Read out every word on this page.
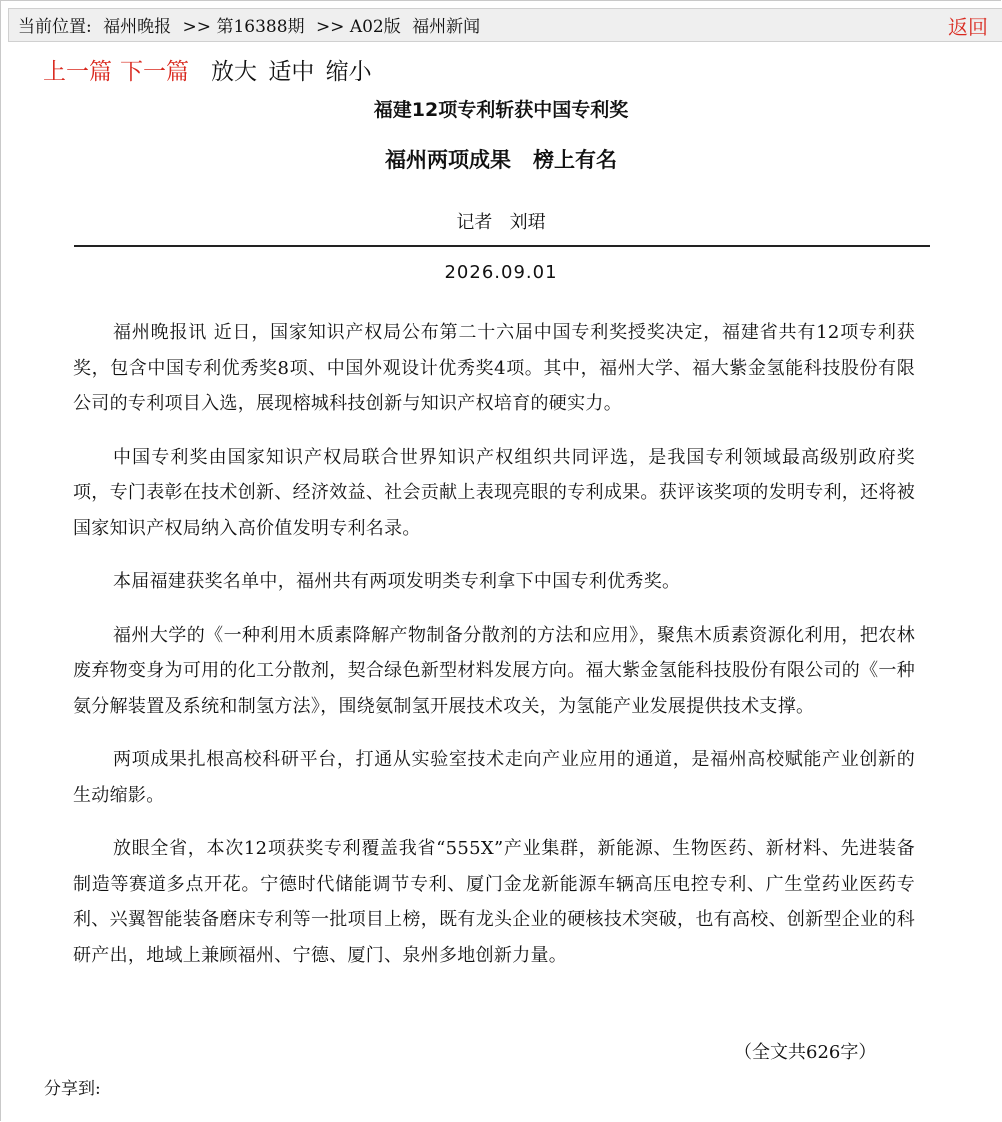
当前位置: 福州晚报 >> 第16388期 >> A02版 福州新闻	返回
上一篇 下一篇 放大 适中 缩小
福建12项专利斩获中国专利奖
福州两项成果   榜上有名
记者   刘珺
2026.09.01

福州晚报讯 近日，国家知识产权局公布第二十六届中国专利奖授奖决定，福建省共有12项专利获奖，包含中国专利优秀奖8项、中国外观设计优秀奖4项。其中，福州大学、福大紫金氢能科技股份有限公司的专利项目入选，展现榕城科技创新与知识产权培育的硬实力。

中国专利奖由国家知识产权局联合世界知识产权组织共同评选，是我国专利领域最高级别政府奖项，专门表彰在技术创新、经济效益、社会贡献上表现亮眼的专利成果。获评该奖项的发明专利，还将被国家知识产权局纳入高价值发明专利名录。

本届福建获奖名单中，福州共有两项发明类专利拿下中国专利优秀奖。

福州大学的《一种利用木质素降解产物制备分散剂的方法和应用》，聚焦木质素资源化利用，把农林废弃物变身为可用的化工分散剂，契合绿色新型材料发展方向。福大紫金氢能科技股份有限公司的《一种氨分解装置及系统和制氢方法》，围绕氨制氢开展技术攻关，为氢能产业发展提供技术支撑。

两项成果扎根高校科研平台，打通从实验室技术走向产业应用的通道，是福州高校赋能产业创新的生动缩影。

放眼全省，本次12项获奖专利覆盖我省“555X”产业集群，新能源、生物医药、新材料、先进装备制造等赛道多点开花。宁德时代储能调节专利、厦门金龙新能源车辆高压电控专利、广生堂药业医药专利、兴翼智能装备磨床专利等一批项目上榜，既有龙头企业的硬核技术突破，也有高校、创新型企业的科研产出，地域上兼顾福州、宁德、厦门、泉州多地创新力量。

（全文共626字）
分享到:
